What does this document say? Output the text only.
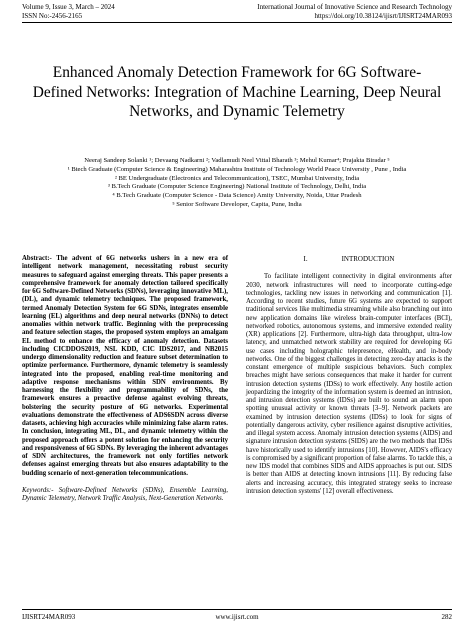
Volume 9, Issue 3, March – 2024
ISSN No:-2456-2165
International Journal of Innovative Science and Research Technology
https://doi.org/10.38124/ijisrt/IJISRT24MAR093
Enhanced Anomaly Detection Framework for 6G Software-Defined Networks: Integration of Machine Learning, Deep Neural Networks, and Dynamic Telemetry

Neeraj Sandeep Solanki ¹; Devaang Nadkarni ²; Vadlamudi Neel Vittal Bharath ³; Mehul Kumar⁴; Prajakta Biradar ⁵

¹ Btech Graduate (Computer Science & Engineering) Maharashtra Institute of Technology World Peace University , Pune , India

² BE Undergraduate (Electronics and Telecommunication), TSEC, Mumbai University, India

³ B.Tech Graduate (Computer Science Engineering) National Institute of Technology, Delhi, India

⁴ B.Tech Graduate (Computer Science - Data Science) Amity University, Noida, Uttar Pradesh

⁵ Senior Software Developer, Capita, Pune, India

Abstract:- The advent of 6G networks ushers in a new era of intelligent network management, necessitating robust security measures to safeguard against emerging threats. This paper presents a comprehensive framework for anomaly detection tailored specifically for 6G Software-Defined Networks (SDNs), leveraging innovative ML), (DL), and dynamic telemetry techniques. The proposed framework, termed Anomaly Detection System for 6G SDNs, integrates ensemble learning (EL) algorithms and deep neural networks (DNNs) to detect anomalies within network traffic. Beginning with the preprocessing and feature selection stages, the proposed system employs an amalgam EL method to enhance the efficacy of anomaly detection. Datasets including CICDDOS2019, NSL KDD, CIC IDS2017, and NB2015 undergo dimensionality reduction and feature subset determination to optimize performance. Furthermore, dynamic telemetry is seamlessly integrated into the proposed, enabling real-time monitoring and adaptive response mechanisms within SDN environments. By harnessing the flexibility and programmability of SDNs, the framework ensures a proactive defense against evolving threats, bolstering the security posture of 6G networks. Experimental evaluations demonstrate the effectiveness of ADS6SDN across diverse datasets, achieving high accuracies while minimizing false alarm rates. In conclusion, integrating ML, DL, and dynamic telemetry within the proposed approach offers a potent solution for enhancing the security and responsiveness of 6G SDNs. By leveraging the inherent advantages of SDN architectures, the framework not only fortifies network defenses against emerging threats but also ensures adaptability to the budding scenario of next-generation telecommunications.

Keywords:- Software-Defined Networks (SDNs), Ensemble Learning, Dynamic Telemetry, Network Traffic Analysis, Next-Generation Networks.

I.	INTRODUCTION

To facilitate intelligent connectivity in digital environments after 2030, network infrastructures will need to incorporate cutting-edge technologies, tackling new issues in networking and communication [1]. According to recent studies, future 6G systems are expected to support traditional services like multimedia streaming while also branching out into new application domains like wireless brain-computer interfaces (BCI), networked robotics, autonomous systems, and immersive extended reality (XR) applications [2]. Furthermore, ultra-high data throughput, ultra-low latency, and unmatched network stability are required for developing 6G use cases including holographic telepresence, eHealth, and in-body networks. One of the biggest challenges in detecting zero-day attacks is the constant emergence of multiple suspicious behaviors. Such complex breaches might have serious consequences that make it harder for current intrusion detection systems (IDSs) to work effectively. Any hostile action jeopardizing the integrity of the information system is deemed an intrusion, and intrusion detection systems (IDSs) are built to sound an alarm upon spotting unusual activity or known threats [3–9]. Network packets are examined by intrusion detection systems (IDSs) to look for signs of potentially dangerous activity, cyber resilience against disruptive activities, and illegal system access. Anomaly intrusion detection systems (AIDS) and signature intrusion detection systems (SIDS) are the two methods that IDSs have historically used to identify intrusions [10]. However, AIDS's efficacy is compromised by a significant proportion of false alarms. To tackle this, a new IDS model that combines SIDS and AIDS approaches is put out. SIDS is better than AIDS at detecting known intrusions [11]. By reducing false alerts and increasing accuracy, this integrated strategy seeks to increase intrusion detection systems' [12] overall effectiveness.

IJISRT24MAR093	www.ijisrt.com	282
